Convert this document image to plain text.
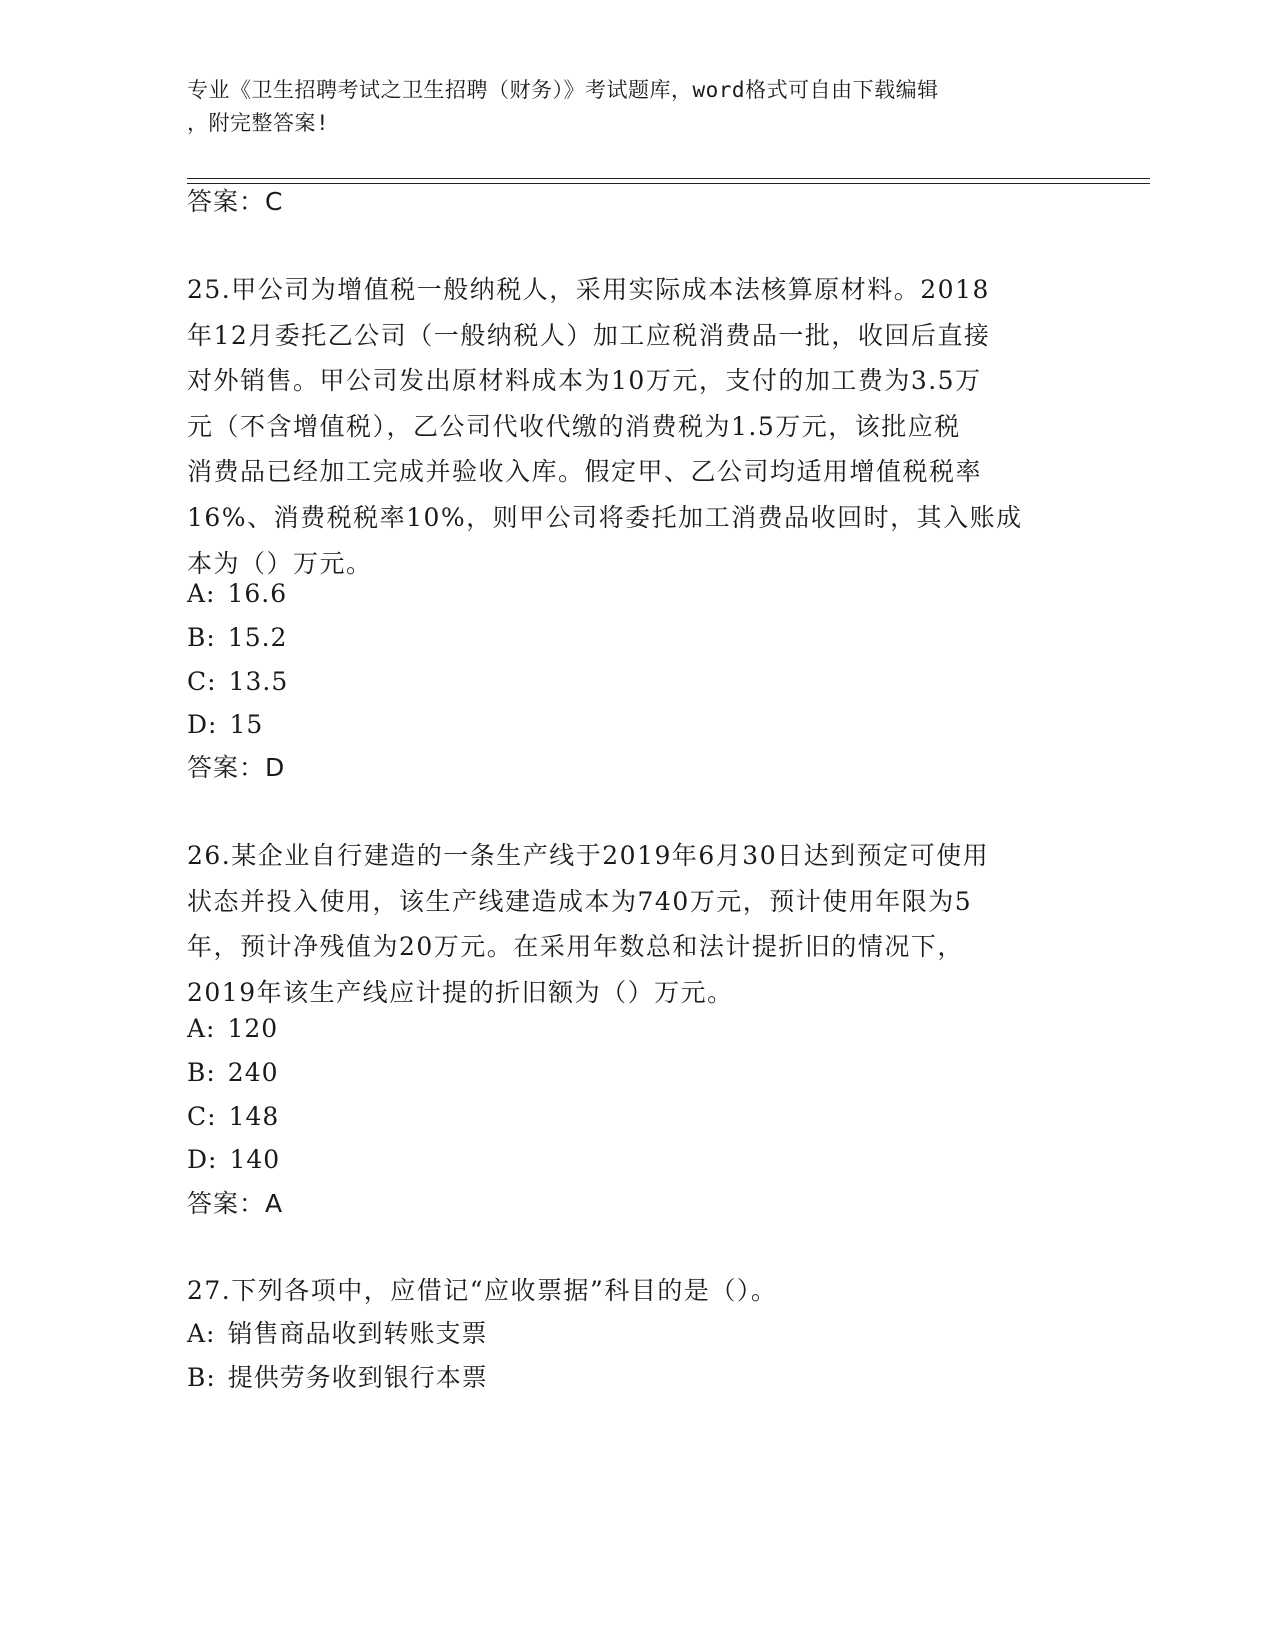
专业《卫生招聘考试之卫生招聘（财务）》考试题库，word格式可自由下载编辑
，附完整答案!
答案：C
25.甲公司为增值税一般纳税人，采用实际成本法核算原材料。2018
年12月委托乙公司（一般纳税人）加工应税消费品一批，收回后直接
对外销售。甲公司发出原材料成本为10万元，支付的加工费为3.5万
元（不含增值税），乙公司代收代缴的消费税为1.5万元，该批应税
消费品已经加工完成并验收入库。假定甲、乙公司均适用增值税税率
16%、消费税税率10%，则甲公司将委托加工消费品收回时，其入账成
本为（）万元。
A: 16.6
B: 15.2
C: 13.5
D: 15
答案：D
26.某企业自行建造的一条生产线于2019年6月30日达到预定可使用
状态并投入使用，该生产线建造成本为740万元，预计使用年限为5
年，预计净残值为20万元。在采用年数总和法计提折旧的情况下，
2019年该生产线应计提的折旧额为（）万元。
A: 120
B: 240
C: 148
D: 140
答案：A
27.下列各项中，应借记“应收票据”科目的是（）。
A: 销售商品收到转账支票
B: 提供劳务收到银行本票
